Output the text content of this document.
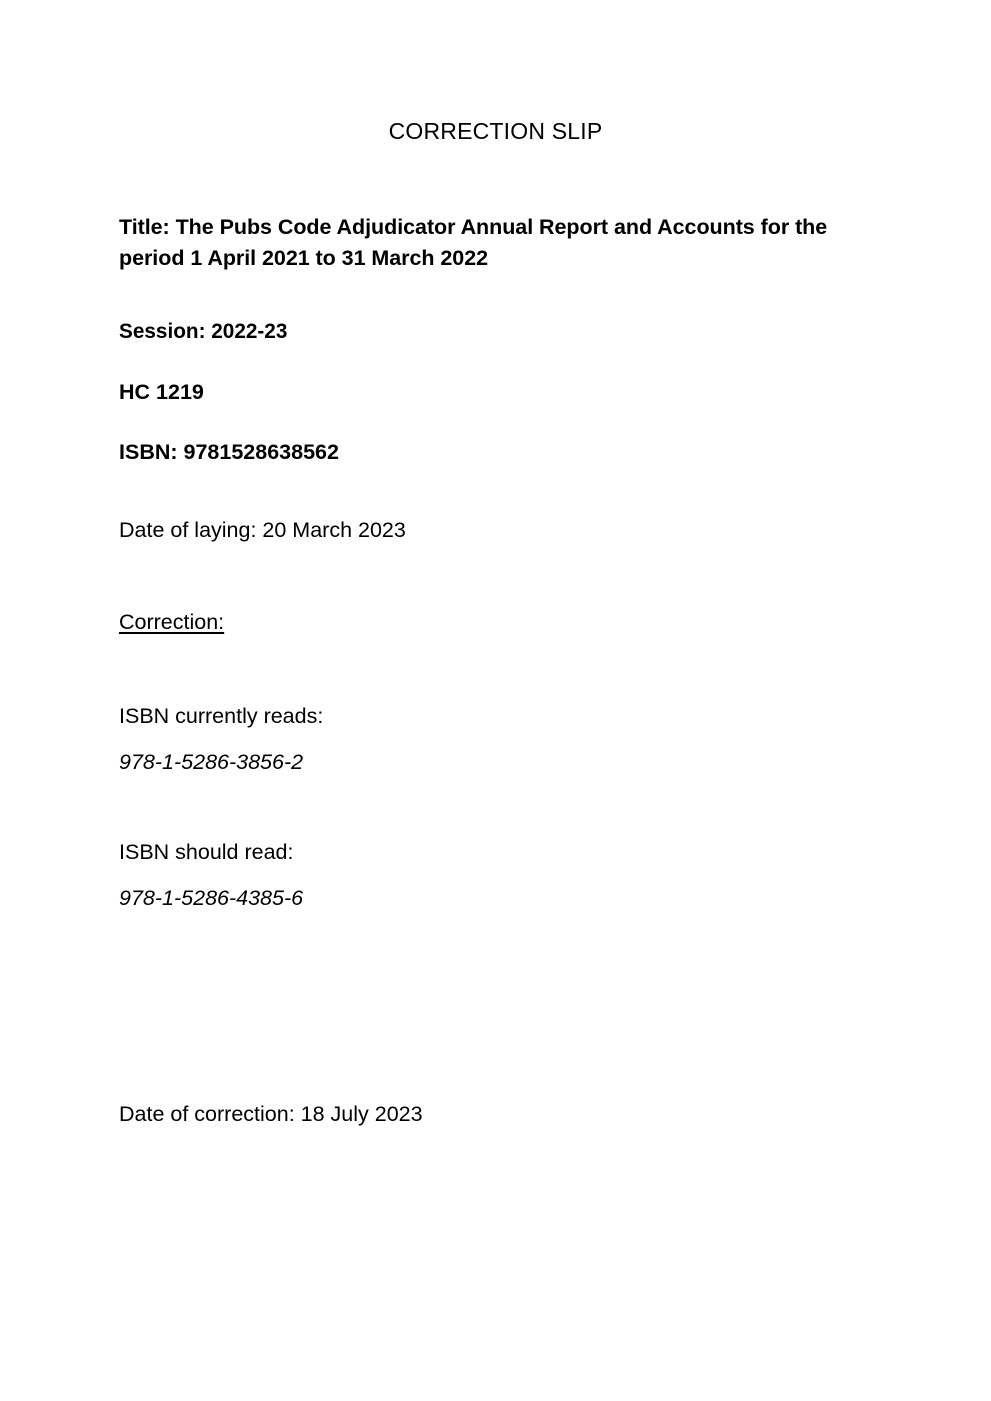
CORRECTION SLIP

Title: The Pubs Code Adjudicator Annual Report and Accounts for the period 1 April 2021 to 31 March 2022

Session: 2022-23

HC 1219

ISBN: 9781528638562

Date of laying: 20 March 2023

Correction:

ISBN currently reads:

978-1-5286-3856-2

ISBN should read:

978-1-5286-4385-6

Date of correction: 18 July 2023
